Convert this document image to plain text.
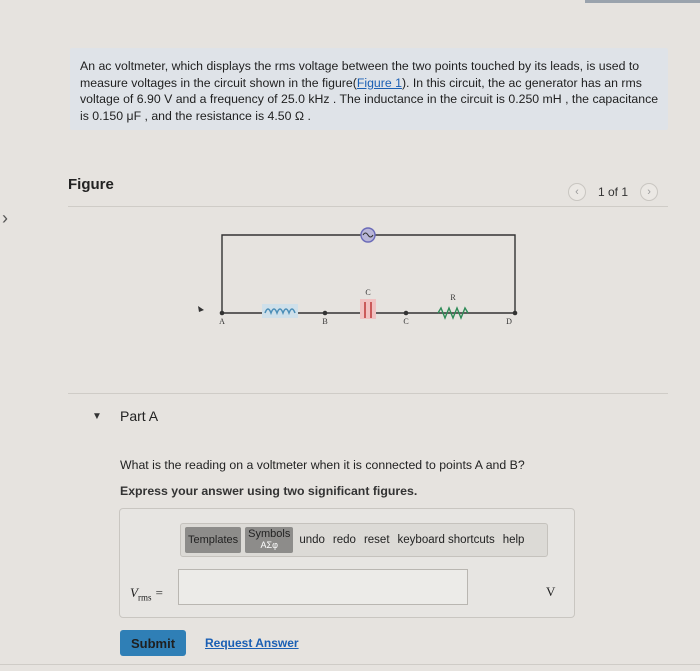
›
An ac voltmeter, which displays the rms voltage between the two points touched by its leads, is used to measure voltages in the circuit shown in the figure(Figure 1). In this circuit, the ac generator has an rms voltage of 6.90 V and a frequency of 25.0 kHz . The inductance in the circuit is 0.250 mH , the capacitance is 0.150 μF , and the resistance is 4.50 Ω .
Figure	‹	1 of 1	›
C
R
A	B	C	D
▼ Part A
What is the reading on a voltmeter when it is connected to points A and B?
Express your answer using two significant figures.
Templates Symbols
ΑΣφ undo redo reset keyboard shortcuts help
$V_{rms}$ =	V
Submit	Request Answer
